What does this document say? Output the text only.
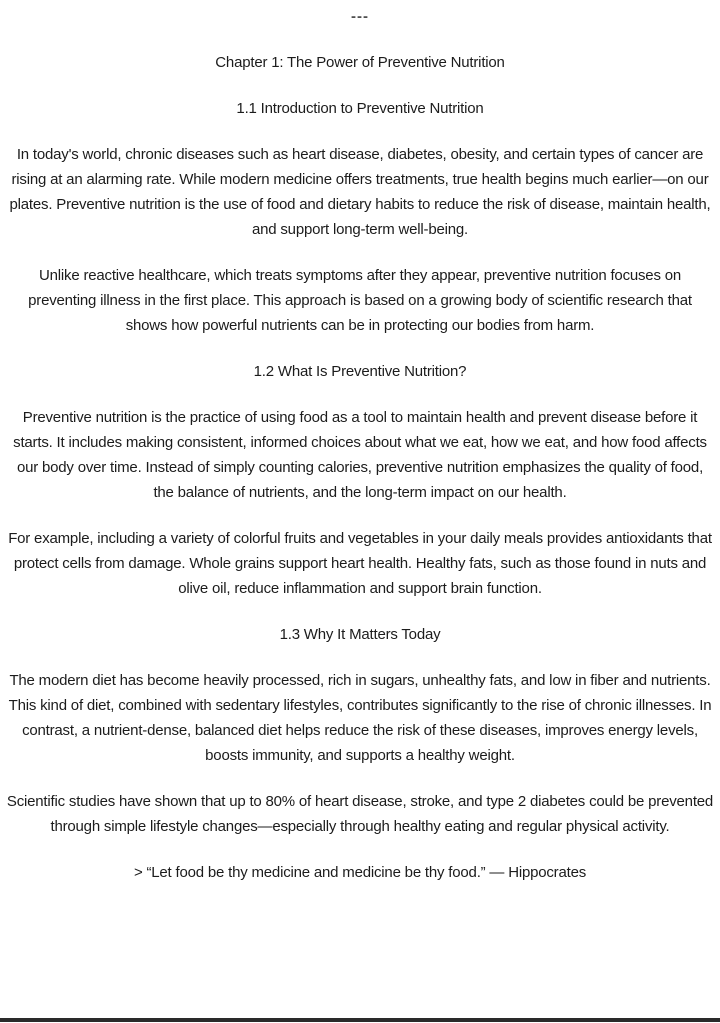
---

Chapter 1: The Power of Preventive Nutrition

1.1 Introduction to Preventive Nutrition

In today's world, chronic diseases such as heart disease, diabetes, obesity, and certain types of cancer are rising at an alarming rate. While modern medicine offers treatments, true health begins much earlier—on our plates. Preventive nutrition is the use of food and dietary habits to reduce the risk of disease, maintain health, and support long-term well-being.

Unlike reactive healthcare, which treats symptoms after they appear, preventive nutrition focuses on preventing illness in the first place. This approach is based on a growing body of scientific research that shows how powerful nutrients can be in protecting our bodies from harm.

1.2 What Is Preventive Nutrition?

Preventive nutrition is the practice of using food as a tool to maintain health and prevent disease before it starts. It includes making consistent, informed choices about what we eat, how we eat, and how food affects our body over time. Instead of simply counting calories, preventive nutrition emphasizes the quality of food, the balance of nutrients, and the long-term impact on our health.

For example, including a variety of colorful fruits and vegetables in your daily meals provides antioxidants that protect cells from damage. Whole grains support heart health. Healthy fats, such as those found in nuts and olive oil, reduce inflammation and support brain function.

1.3 Why It Matters Today

The modern diet has become heavily processed, rich in sugars, unhealthy fats, and low in fiber and nutrients. This kind of diet, combined with sedentary lifestyles, contributes significantly to the rise of chronic illnesses. In contrast, a nutrient-dense, balanced diet helps reduce the risk of these diseases, improves energy levels, boosts immunity, and supports a healthy weight.

Scientific studies have shown that up to 80% of heart disease, stroke, and type 2 diabetes could be prevented through simple lifestyle changes—especially through healthy eating and regular physical activity.

> “Let food be thy medicine and medicine be thy food.” — Hippocrates
